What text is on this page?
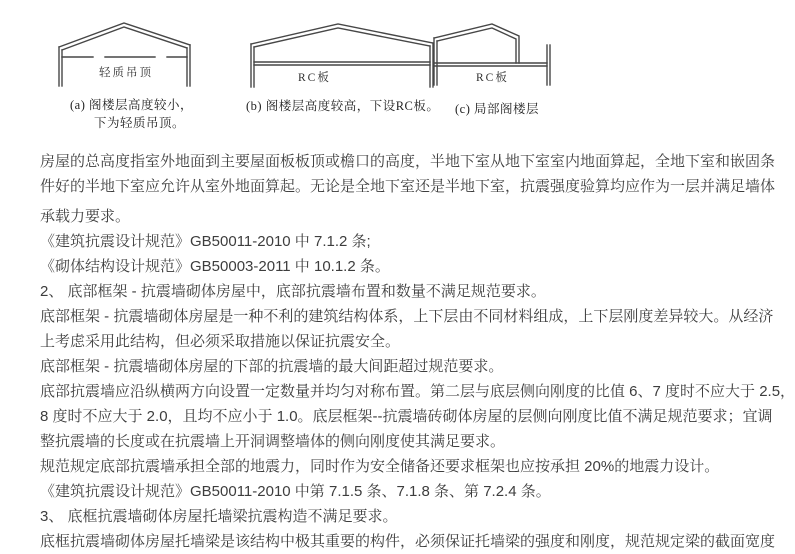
轻质吊顶
(a) 阁楼层高度较小，
下为轻质吊顶。
RC板
(b) 阁楼层高度较高，下设RC板。
RC板
(c) 局部阁楼层
房屋的总高度指室外地面到主要屋面板板顶或檐口的高度，半地下室从地下室室内地面算起，全地下室和嵌固条
件好的半地下室应允许从室外地面算起。无论是全地下室还是半地下室，抗震强度验算均应作为一层并满足墙体
承载力要求。
《建筑抗震设计规范》GB50011-2010 中 7.1.2 条;
《砌体结构设计规范》GB50003-2011 中 10.1.2 条。
2、 底部框架 - 抗震墙砌体房屋中，底部抗震墙布置和数量不满足规范要求。
底部框架 - 抗震墙砌体房屋是一种不利的建筑结构体系，上下层由不同材料组成，上下层刚度差异较大。从经济
上考虑采用此结构，但必须采取措施以保证抗震安全。
底部框架 - 抗震墙砌体房屋的下部的抗震墙的最大间距超过规范要求。
底部抗震墙应沿纵横两方向设置一定数量并均匀对称布置。第二层与底层侧向刚度的比值 6、7 度时不应大于 2.5，
8 度时不应大于 2.0，且均不应小于 1.0。底层框架--抗震墙砖砌体房屋的层侧向刚度比值不满足规范要求；宜调
整抗震墙的长度或在抗震墙上开洞调整墙体的侧向刚度使其满足要求。
规范规定底部抗震墙承担全部的地震力，同时作为安全储备还要求框架也应按承担 20%的地震力设计。
《建筑抗震设计规范》GB50011-2010 中第 7.1.5 条、7.1.8 条、第 7.2.4 条。
3、 底框抗震墙砌体房屋托墙梁抗震构造不满足要求。
底框抗震墙砌体房屋托墙梁是该结构中极其重要的构件，必须保证托墙梁的强度和刚度，规范规定梁的截面宽度
